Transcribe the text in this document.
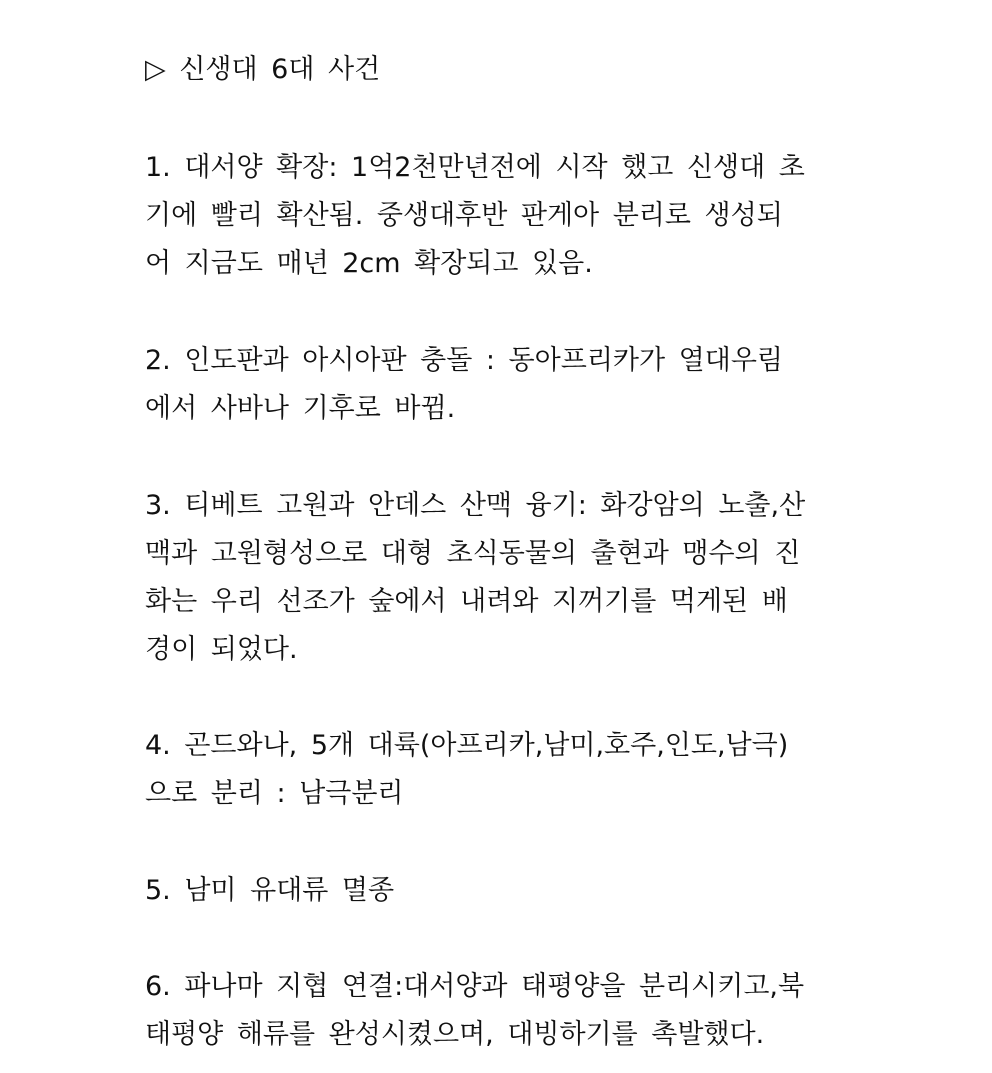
▷ 신생대 6대 사건
1. 대서양 확장: 1억2천만년전에 시작 했고 신생대 초
기에 빨리 확산됨. 중생대후반 판게아 분리로 생성되
어 지금도 매년 2cm 확장되고 있음.
2. 인도판과 아시아판 충돌 : 동아프리카가 열대우림
에서 사바나 기후로 바뀜.
3. 티베트 고원과 안데스 산맥 융기: 화강암의 노출,산
맥과 고원형성으로 대형 초식동물의 출현과 맹수의 진
화는 우리 선조가 숲에서 내려와 지꺼기를 먹게된 배
경이 되었다.
4. 곤드와나, 5개 대륙(아프리카,남미,호주,인도,남극)
으로 분리 : 남극분리
5. 남미 유대류 멸종
6. 파나마 지협 연결:대서양과 태평양을 분리시키고,북
태평양 해류를 완성시켰으며, 대빙하기를 촉발했다.
